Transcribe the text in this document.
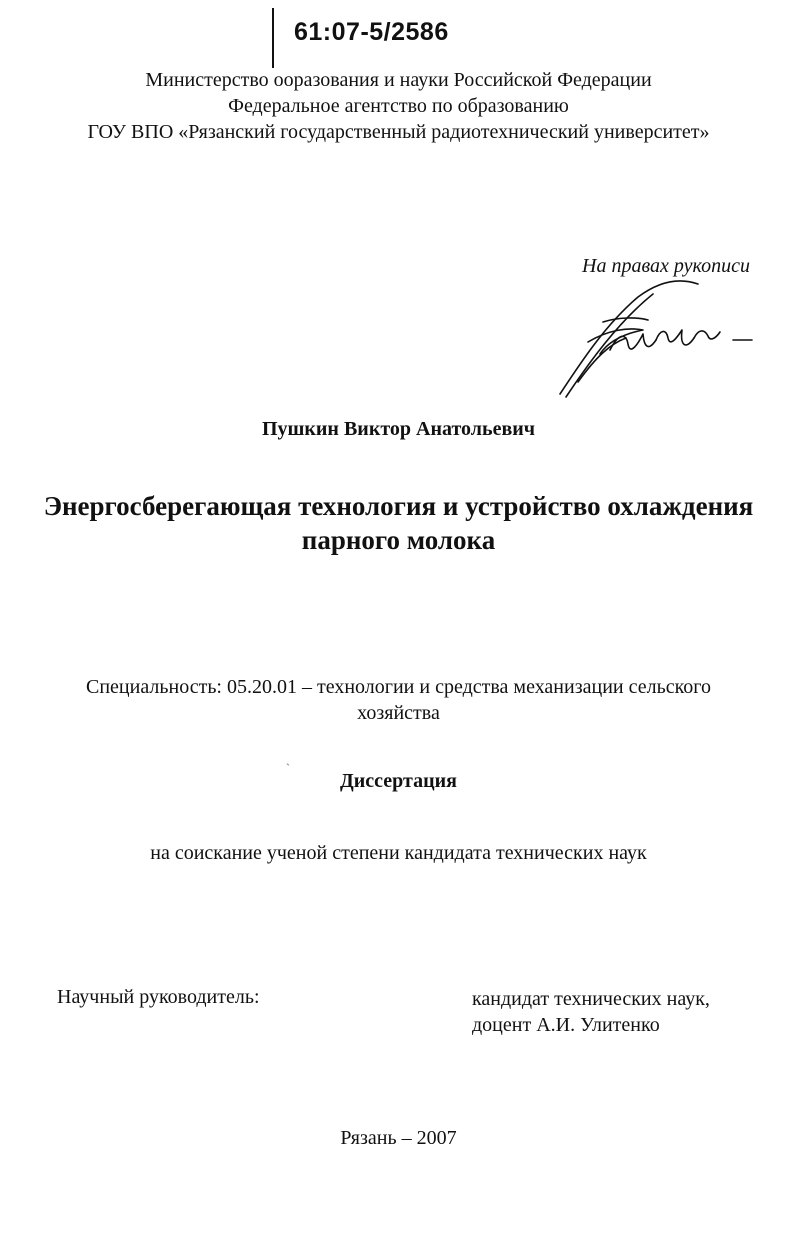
61:07-5/2586
Министерство ооразования и науки Российской Федерации
Федеральное агентство по образованию
ГОУ ВПО «Рязанский государственный радиотехнический университет»
На правах рукописи
Пушкин Виктор Анатольевич
Энергосберегающая технология и устройство охлаждения
парного молока
Специальность: 05.20.01 – технологии и средства механизации сельского
хозяйства
ˏ
Диссертация
на соискание ученой степени кандидата технических наук
Научный руководитель:	кандидат технических наук,
доцент А.И. Улитенко
Рязань – 2007
